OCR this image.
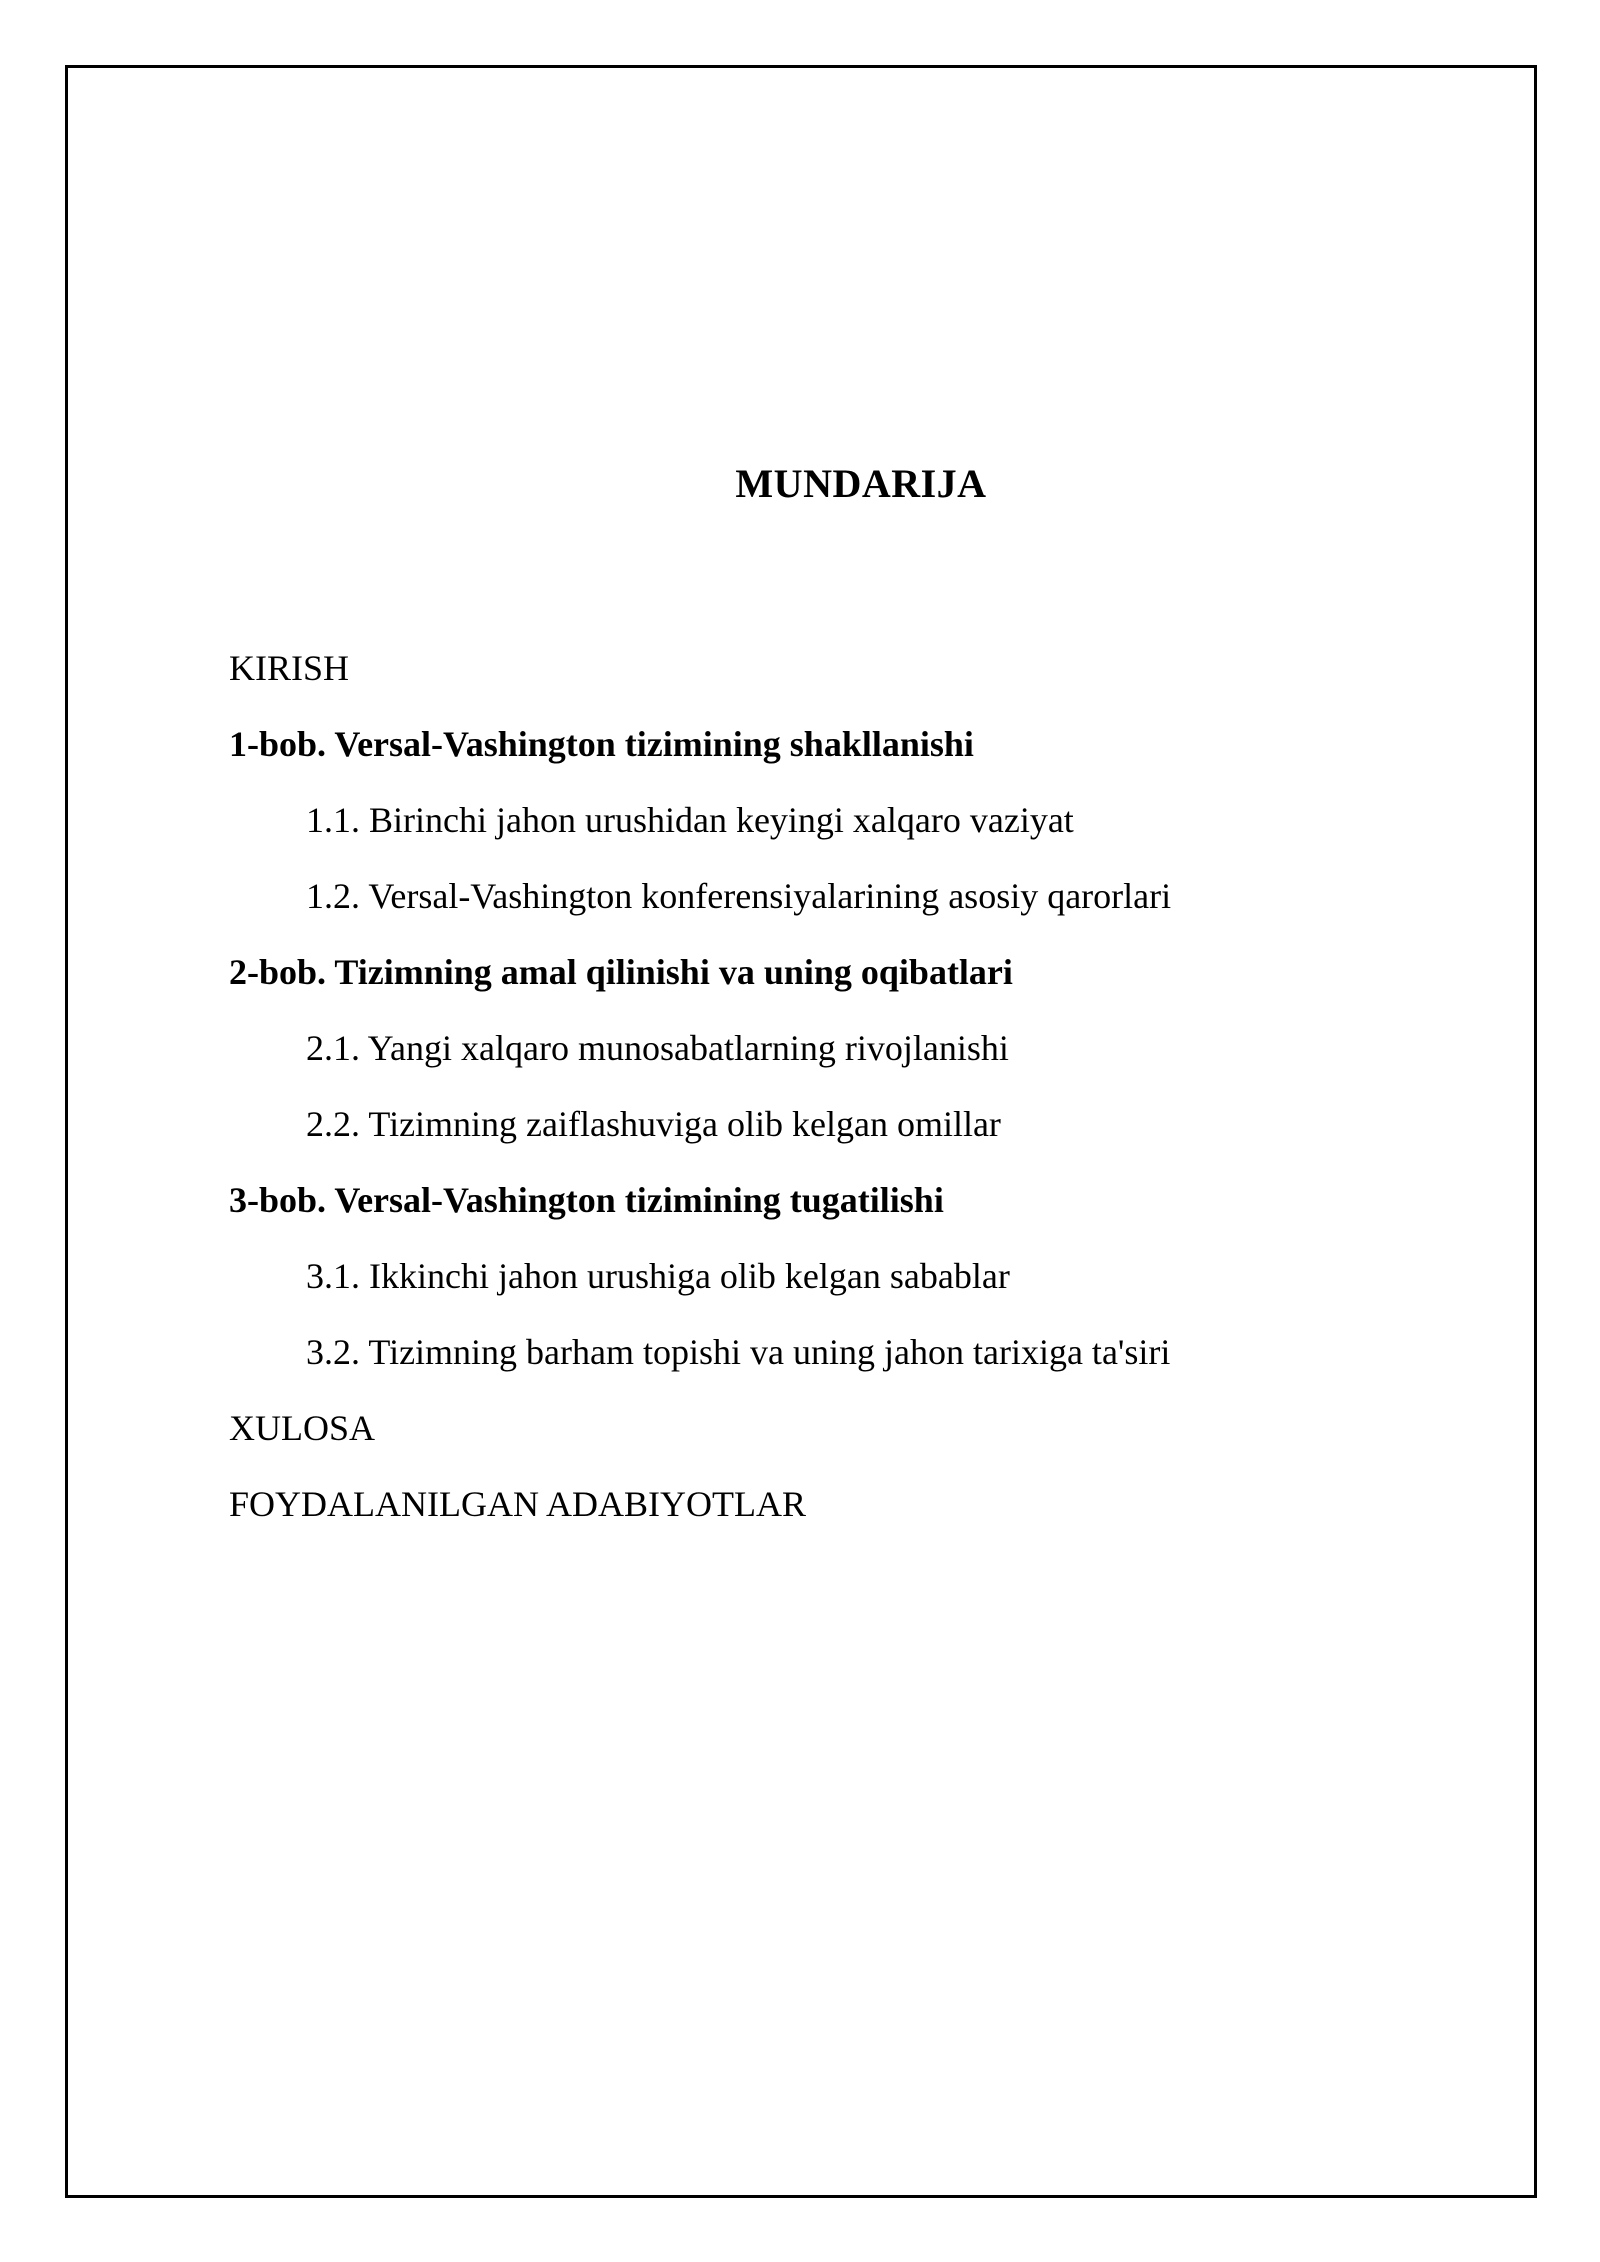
MUNDARIJA
KIRISH
1-bob. Versal-Vashington tizimining shakllanishi
1.1. Birinchi jahon urushidan keyingi xalqaro vaziyat
1.2. Versal-Vashington konferensiyalarining asosiy qarorlari
2-bob. Tizimning amal qilinishi va uning oqibatlari
2.1. Yangi xalqaro munosabatlarning rivojlanishi
2.2. Tizimning zaiflashuviga olib kelgan omillar
3-bob. Versal-Vashington tizimining tugatilishi
3.1. Ikkinchi jahon urushiga olib kelgan sabablar
3.2. Tizimning barham topishi va uning jahon tarixiga ta'siri
XULOSA
FOYDALANILGAN ADABIYOTLAR
